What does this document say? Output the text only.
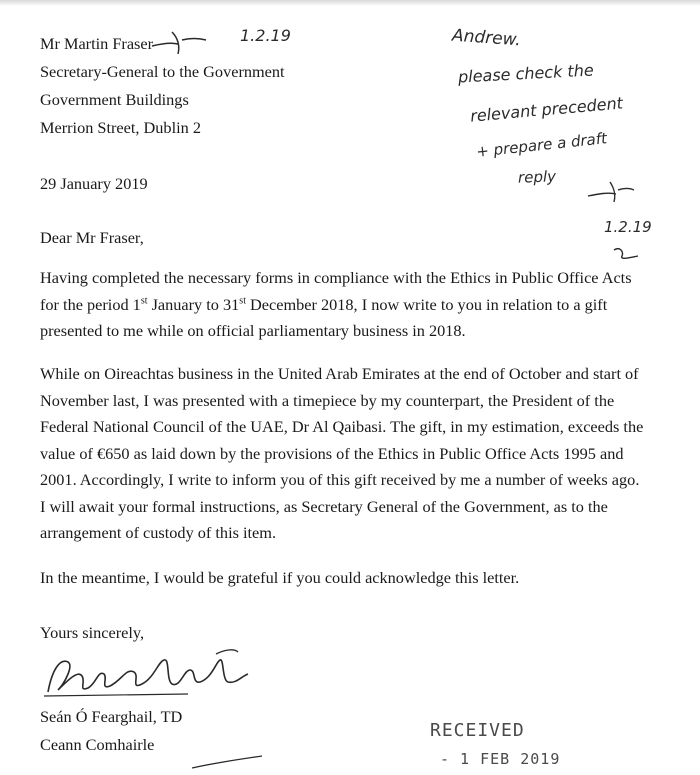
Mr Martin Fraser
Secretary-General to the Government
Government Buildings
Merrion Street, Dublin 2
29 January 2019
Dear Mr Fraser,
Having completed the necessary forms in compliance with the Ethics in Public Office Acts
for the period 1st January to 31st December 2018, I now write to you in relation to a gift
presented to me while on official parliamentary business in 2018.
While on Oireachtas business in the United Arab Emirates at the end of October and start of
November last, I was presented with a timepiece by my counterpart, the President of the
Federal National Council of the UAE, Dr Al Qaibasi. The gift, in my estimation, exceeds the
value of €650 as laid down by the provisions of the Ethics in Public Office Acts 1995 and
2001. Accordingly, I write to inform you of this gift received by me a number of weeks ago.
I will await your formal instructions, as Secretary General of the Government, as to the
arrangement of custody of this item.
In the meantime, I would be grateful if you could acknowledge this letter.
Yours sincerely,
Seán Ó Fearghail, TD
Ceann Comhairle
1.2.19	Andrew.
please check the
relevant precedent
+ prepare a draft
reply
1.2.19
RECEIVED
- 1 FEB 2019
